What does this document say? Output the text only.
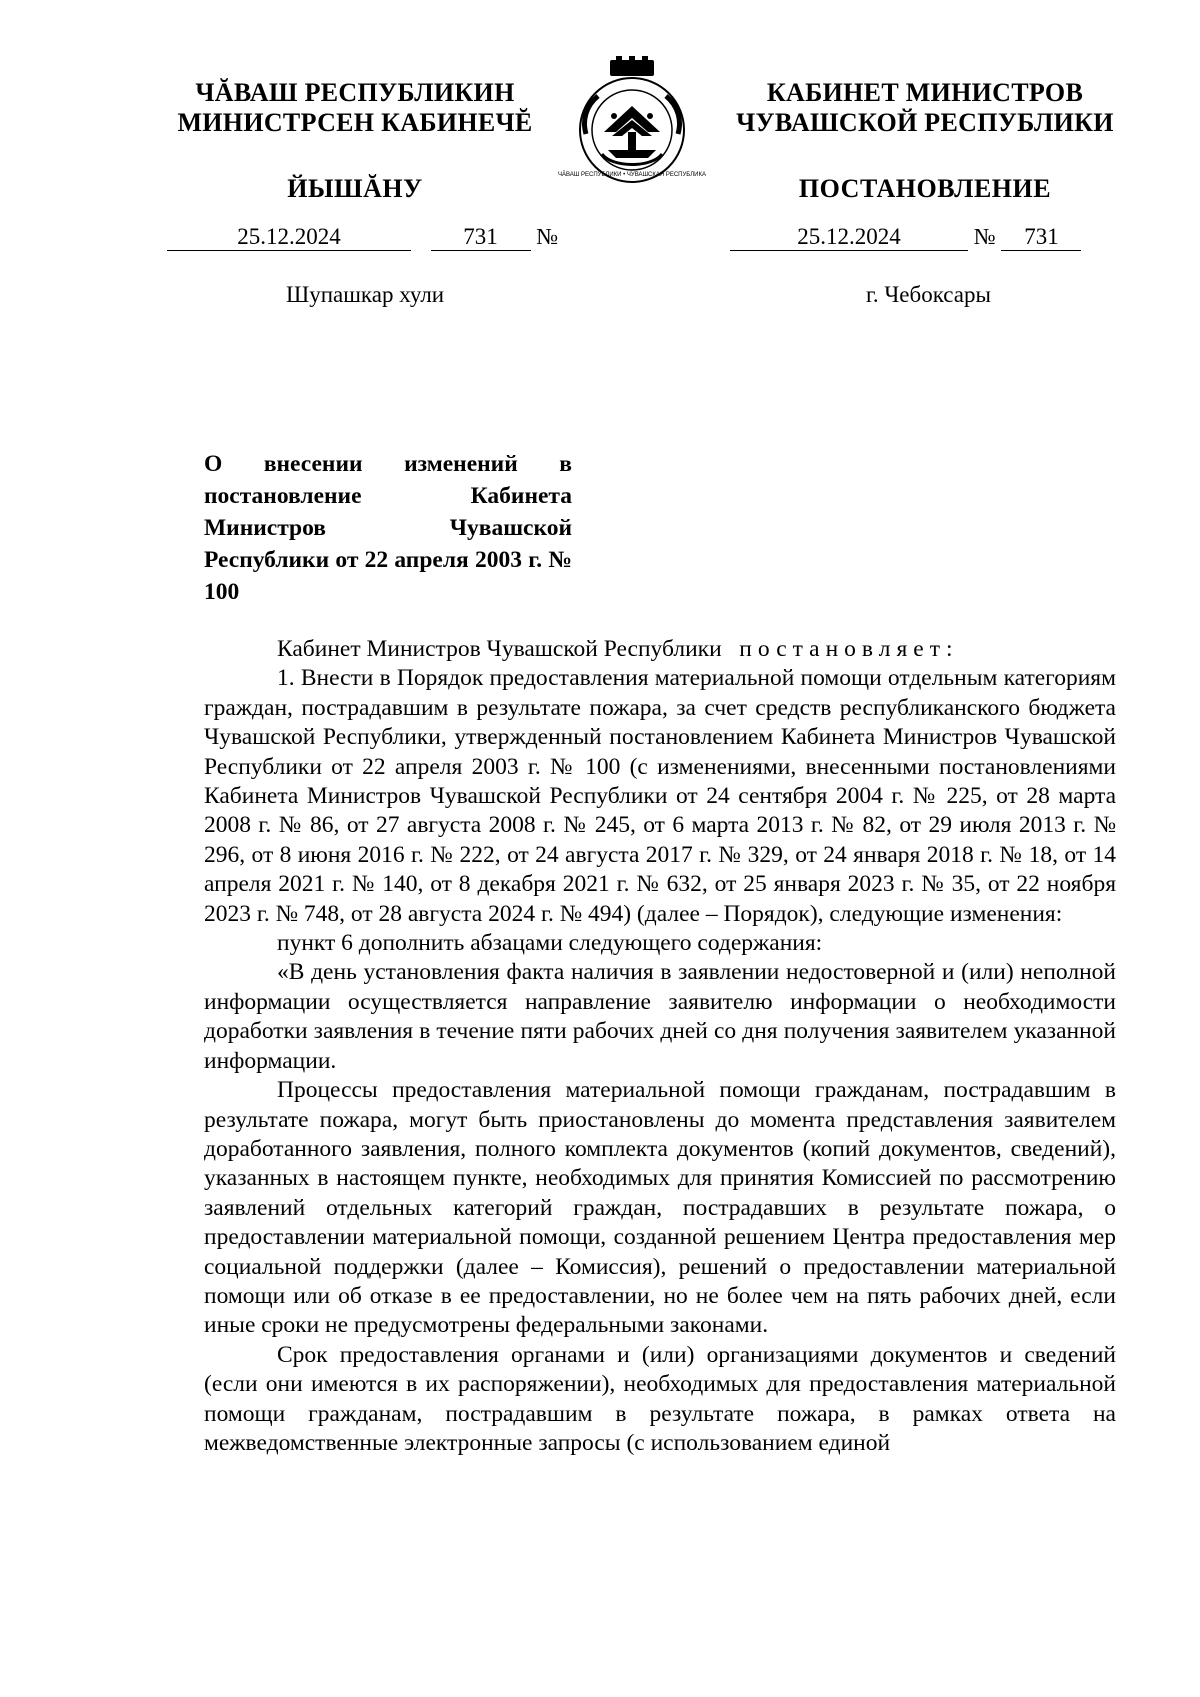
ЧĂВАШ РЕСПУБЛИКИН
МИНИСТРСЕН КАБИНЕЧĔ
ЙЫШĂНУ	ЧĂВАШ РЕСПУБЛИКИ • ЧУВАШСКАЯ РЕСПУБЛИКА
КАБИНЕТ МИНИСТРОВ
ЧУВАШСКОЙ РЕСПУБЛИКИ
ПОСТАНОВЛЕНИЕ
25.12.2024	731 №	25.12.2024	№ 731
Шупашкар хули	г. Чебоксары
О внесении изменений в постановление Кабинета Министров Чувашской Республики от 22 апреля 2003 г. № 100

Кабинет Министров Чувашской Республики постановляет:

1. Внести в Порядок предоставления материальной помощи отдельным категориям граждан, пострадавшим в результате пожара, за счет средств республиканского бюджета Чувашской Республики, утвержденный постановлением Кабинета Министров Чувашской Республики от 22 апреля 2003 г. № 100 (с изменениями, внесенными постановлениями Кабинета Министров Чувашской Республики от 24 сентября 2004 г. № 225, от 28 марта 2008 г. № 86, от 27 августа 2008 г. № 245, от 6 марта 2013 г. № 82, от 29 июля 2013 г. № 296, от 8 июня 2016 г. № 222, от 24 августа 2017 г. № 329, от 24 января 2018 г. № 18, от 14 апреля 2021 г. № 140, от 8 декабря 2021 г. № 632, от 25 января 2023 г. № 35, от 22 ноября 2023 г. № 748, от 28 августа 2024 г. № 494) (далее – Порядок), следующие изменения:

пункт 6 дополнить абзацами следующего содержания:

«В день установления факта наличия в заявлении недостоверной и (или) неполной информации осуществляется направление заявителю информации о необходимости доработки заявления в течение пяти рабочих дней со дня получения заявителем указанной информации.

Процессы предоставления материальной помощи гражданам, пострадавшим в результате пожара, могут быть приостановлены до момента представления заявителем доработанного заявления, полного комплекта документов (копий документов, сведений), указанных в настоящем пункте, необходимых для принятия Комиссией по рассмотрению заявлений отдельных категорий граждан, пострадавших в результате пожара, о предоставлении материальной помощи, созданной решением Центра предоставления мер социальной поддержки (далее – Комиссия), решений о предоставлении материальной помощи или об отказе в ее предоставлении, но не более чем на пять рабочих дней, если иные сроки не предусмотрены федеральными законами.

Срок предоставления органами и (или) организациями документов и сведений (если они имеются в их распоряжении), необходимых для предоставления материальной помощи гражданам, пострадавшим в результате пожара, в рамках ответа на межведомственные электронные запросы (с использованием единой
